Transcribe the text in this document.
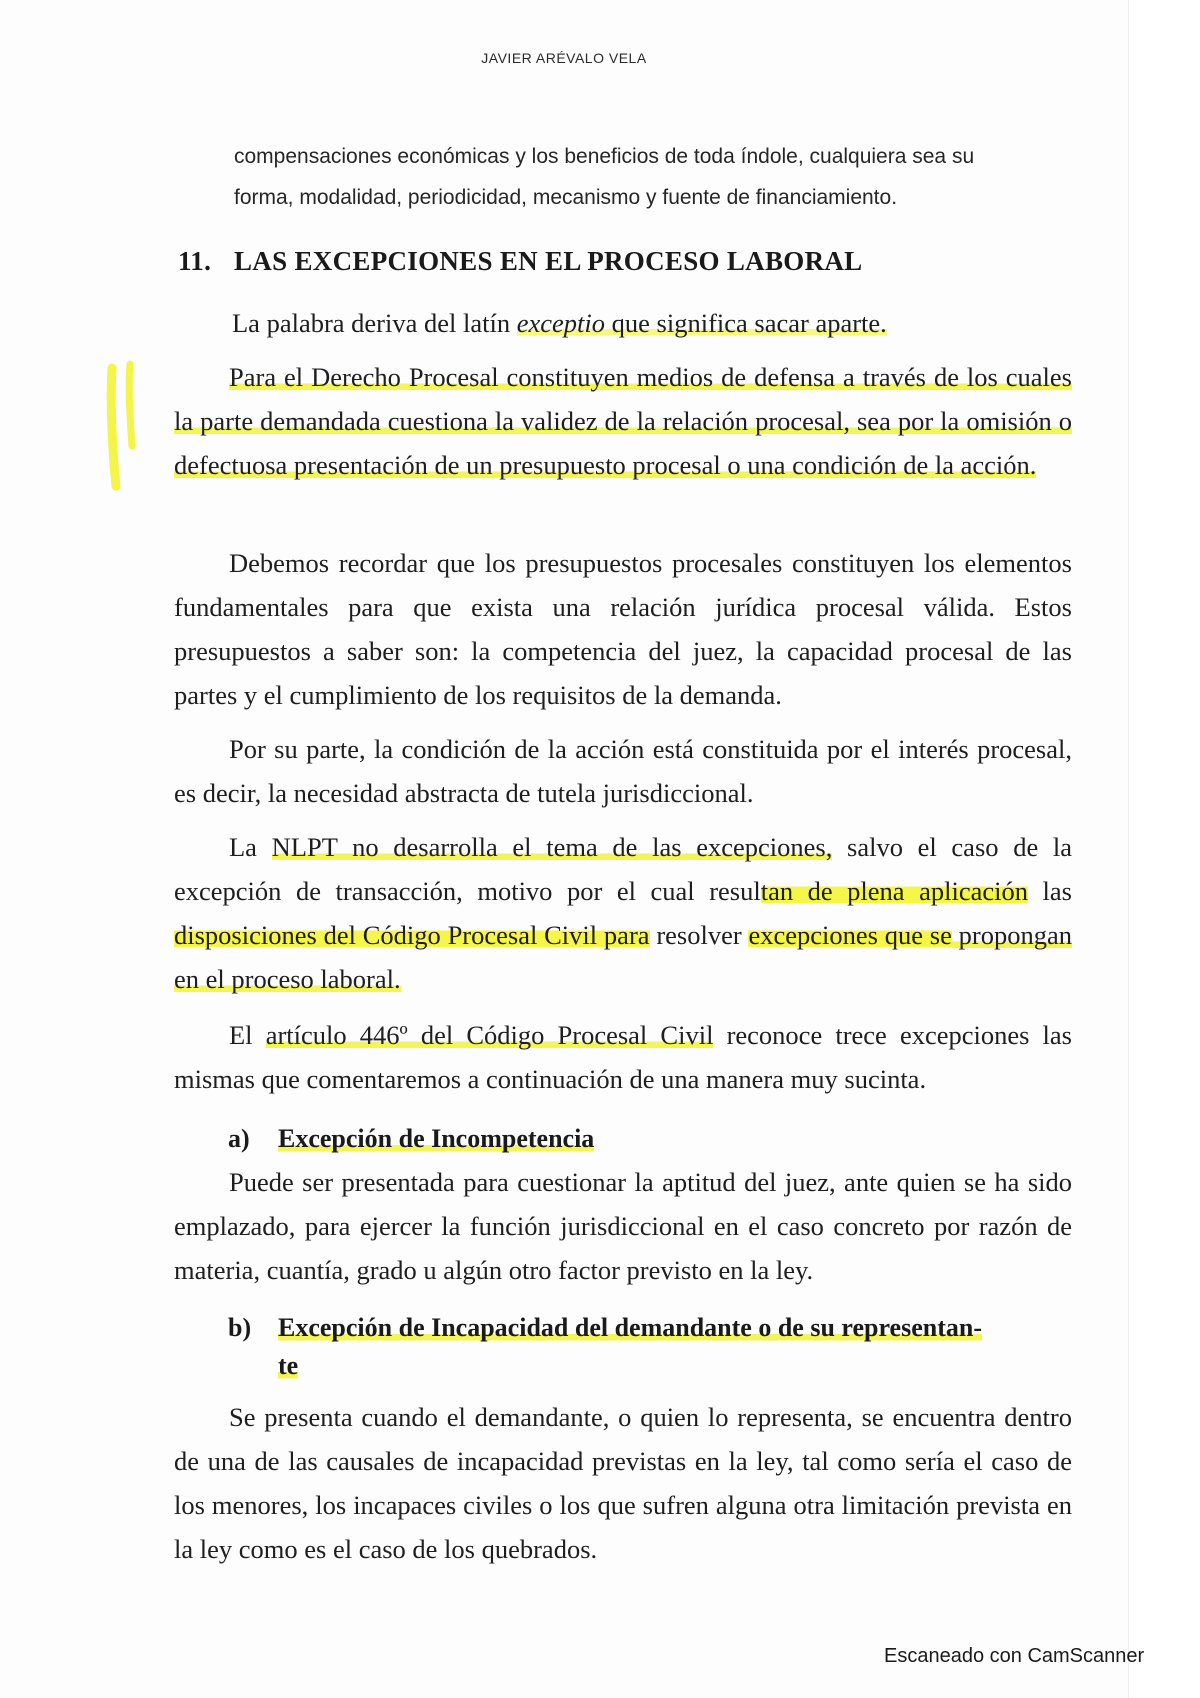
JAVIER ARÉVALO VELA

compensaciones económicas y los beneficios de toda índole, cualquiera sea su

forma, modalidad, periodicidad, mecanismo y fuente de financiamiento.

11. LAS EXCEPCIONES EN EL PROCESO LABORAL

La palabra deriva del latín exceptio que significa sacar aparte.

Para el Derecho Procesal constituyen medios de defensa a través de los cuales la parte demandada cuestiona la validez de la relación procesal, sea por la omisión o defectuosa presentación de un presupuesto procesal o una condición de la acción.

Debemos recordar que los presupuestos procesales constituyen los elementos fundamentales para que exista una relación jurídica procesal válida. Estos presupuestos a saber son: la competencia del juez, la capacidad procesal de las partes y el cumplimiento de los requisitos de la demanda.

Por su parte, la condición de la acción está constituida por el interés procesal, es decir, la necesidad abstracta de tutela jurisdiccional.

La NLPT no desarrolla el tema de las excepciones, salvo el caso de la excepción de transacción, motivo por el cual resultan de plena aplicación las disposiciones del Código Procesal Civil para resolver excepciones que se propongan en el proceso laboral.

El artículo 446º del Código Procesal Civil reconoce trece excepciones las mismas que comentaremos a continuación de una manera muy sucinta.

a) Excepción de Incompetencia

Puede ser presentada para cuestionar la aptitud del juez, ante quien se ha sido emplazado, para ejercer la función jurisdiccional en el caso concreto por razón de materia, cuantía, grado u algún otro factor previsto en la ley.

b) Excepción de Incapacidad del demandante o de su representan-
te

Se presenta cuando el demandante, o quien lo representa, se encuentra dentro de una de las causales de incapacidad previstas en la ley, tal como sería el caso de los menores, los incapaces civiles o los que sufren alguna otra limitación prevista en la ley como es el caso de los quebrados.

Escaneado con CamScanner
